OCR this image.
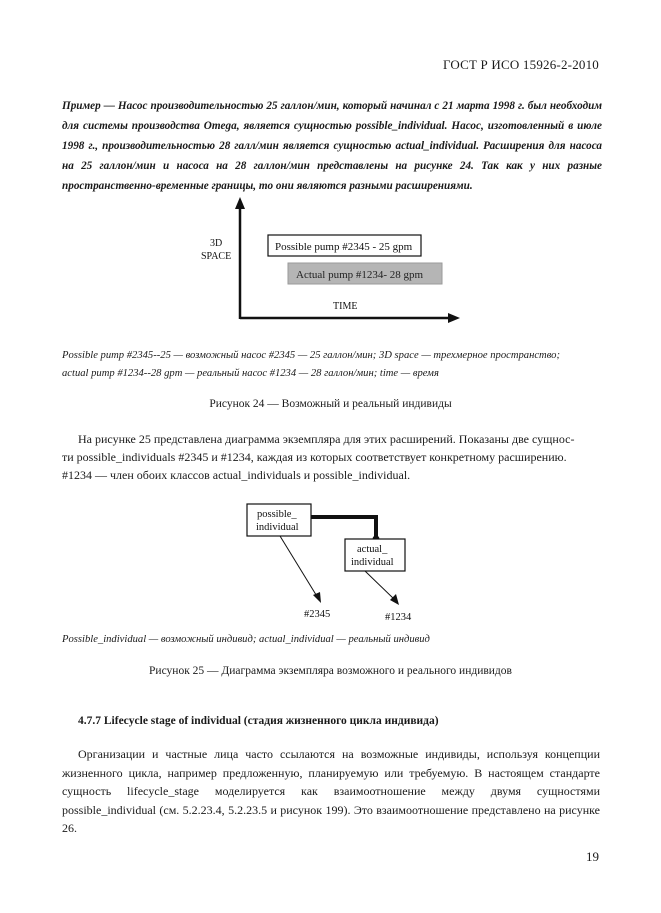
ГОСТ Р ИСО 15926-2-2010
Пример — Насос производительностью 25 галлон/мин, который начинал с 21 марта 1998 г. был необходим для системы производства Omega, является сущностью possible_individual. Насос, изготовленный в июле 1998 г., производительностью 28 галл/мин является сущностью actual_individual. Расширения для насоса на 25 галлон/мин и насоса на 28 галлон/мин представлены на рисунке 24. Так как у них разные пространственно-временные границы, то они являются разными расширениями.
3D
SPACE
TIME
Possible pump #2345 - 25 gpm
Actual pump #1234- 28 gpm
Possible pump #2345--25 — возможный насос #2345 — 25 галлон/мин; 3D space — трехмерное пространство;
actual pump #1234--28 gpm — реальный насос #1234 — 28 галлон/мин; time — время
Рисунок 24 — Возможный и реальный индивиды
На рисунке 25 представлена диаграмма экземпляра для этих расширений. Показаны две сущнос-
ти possible_individuals #2345 и #1234, каждая из которых соответствует конкретному расширению.
#1234 — член обоих классов actual_individuals и possible_individual.
possible_
individual
actual_
individual
#2345	#1234
Possible_individual — возможный индивид; actual_individual — реальный индивид
Рисунок 25 — Диаграмма экземпляра возможного и реального индивидов
4.7.7 Lifecycle stage of individual (стадия жизненного цикла индивида)
Организации и частные лица часто ссылаются на возможные индивиды, используя концепции жизненного цикла, например предложенную, планируемую или требуемую. В настоящем стандарте сущность lifecycle_stage моделируется как взаимоотношение между двумя сущностями possible_individual (см. 5.2.23.4, 5.2.23.5 и рисунок 199). Это взаимоотношение представлено на рисунке 26.
19
